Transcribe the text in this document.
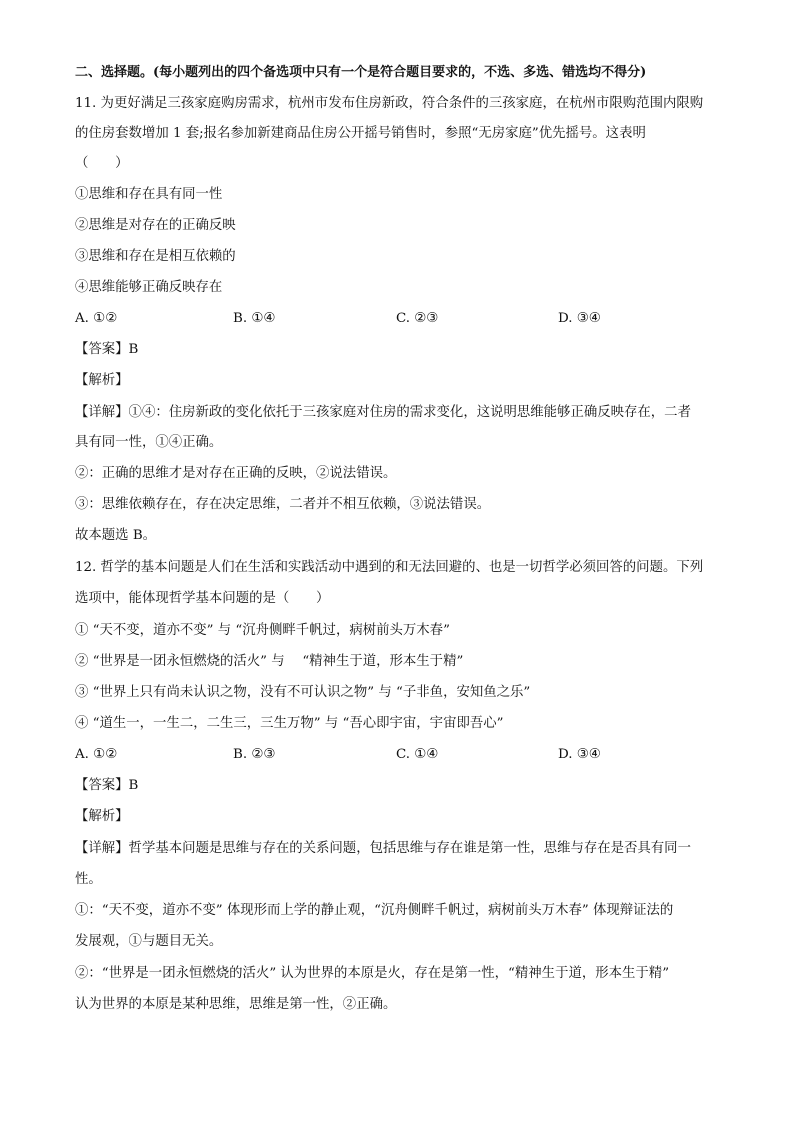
二、选择题。(每小题列出的四个备选项中只有一个是符合题目要求的，不选、多选、错选均不得分)
11. 为更好满足三孩家庭购房需求，杭州市发布住房新政，符合条件的三孩家庭，在杭州市限购范围内限购
的住房套数增加 1 套;报名参加新建商品住房公开摇号销售时，参照“无房家庭”优先摇号。这表明
（　　）
①思维和存在具有同一性
②思维是对存在的正确反映
③思维和存在是相互依赖的
④思维能够正确反映存在
A. ①②	B. ①④	C. ②③	D. ③④
【答案】B
【解析】
【详解】①④：住房新政的变化依托于三孩家庭对住房的需求变化，这说明思维能够正确反映存在，二者
具有同一性，①④正确。
②：正确的思维才是对存在正确的反映，②说法错误。
③：思维依赖存在，存在决定思维，二者并不相互依赖，③说法错误。
故本题选 B。
12. 哲学的基本问题是人们在生活和实践活动中遇到的和无法回避的、也是一切哲学必须回答的问题。下列
选项中，能体现哲学基本问题的是（　　）
① “天不变，道亦不变” 与 “沉舟侧畔千帆过，病树前头万木春”
② “世界是一团永恒燃烧的活火” 与　 “精神生于道，形本生于精”
③ “世界上只有尚未认识之物，没有不可认识之物” 与 “子非鱼，安知鱼之乐”
④ “道生一，一生二，二生三，三生万物” 与 “吾心即宇宙，宇宙即吾心”
A. ①②	B. ②③	C. ①④	D. ③④
【答案】B
【解析】
【详解】哲学基本问题是思维与存在的关系问题，包括思维与存在谁是第一性，思维与存在是否具有同一
性。
①：“天不变，道亦不变” 体现形而上学的静止观，“沉舟侧畔千帆过，病树前头万木春” 体现辩证法的
发展观，①与题目无关。
②：“世界是一团永恒燃烧的活火” 认为世界的本原是火，存在是第一性，“精神生于道，形本生于精”
认为世界的本原是某种思维，思维是第一性，②正确。
